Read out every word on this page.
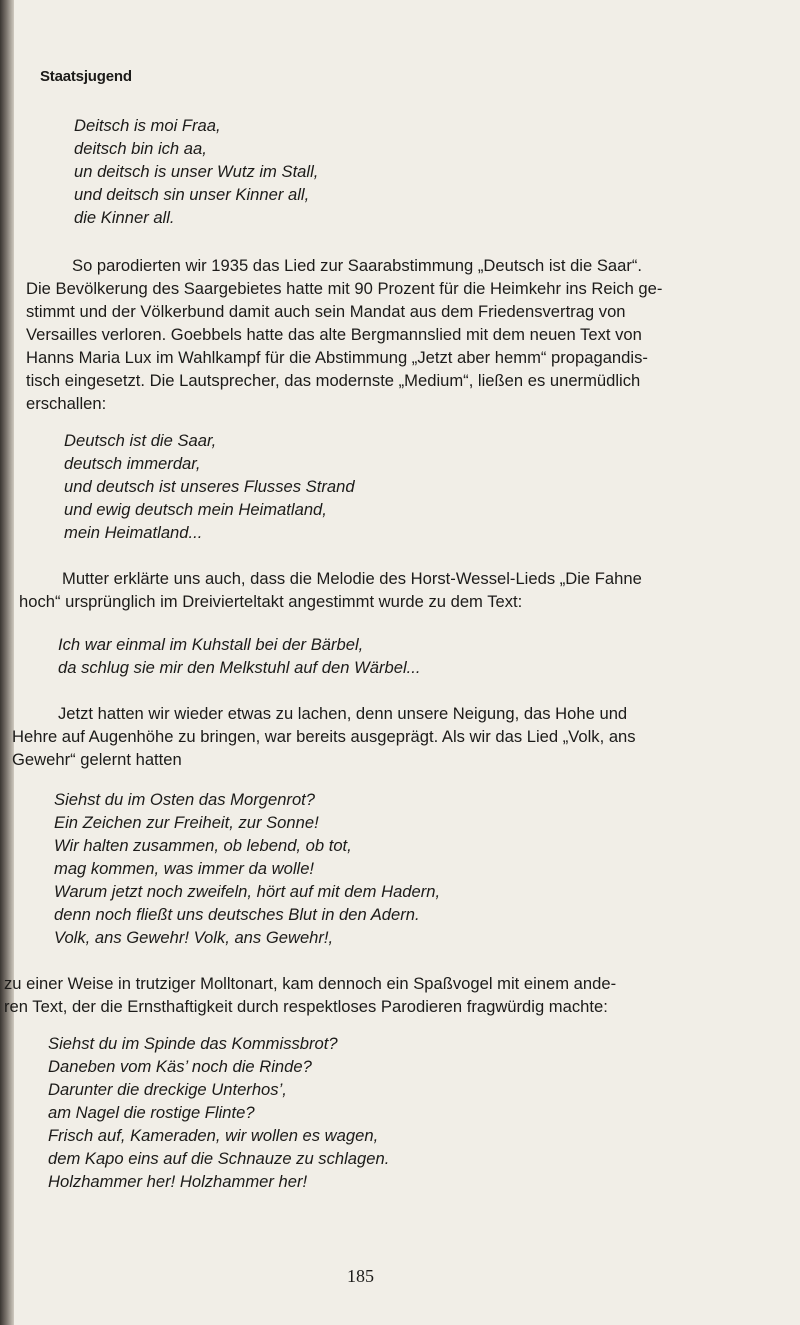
Staatsjugend
Deitsch is moi Fraa,
deitsch bin ich aa,
un deitsch is unser Wutz im Stall,
und deitsch sin unser Kinner all,
die Kinner all.
So parodierten wir 1935 das Lied zur Saarabstimmung „Deutsch ist die Saar“.
Die Bevölkerung des Saargebietes hatte mit 90 Prozent für die Heimkehr ins Reich ge-
stimmt und der Völkerbund damit auch sein Mandat aus dem Friedensvertrag von
Versailles verloren. Goebbels hatte das alte Bergmannslied mit dem neuen Text von
Hanns Maria Lux im Wahlkampf für die Abstimmung „Jetzt aber hemm“ propagandis-
tisch eingesetzt. Die Lautsprecher, das modernste „Medium“, ließen es unermüdlich
erschallen:
Deutsch ist die Saar,
deutsch immerdar,
und deutsch ist unseres Flusses Strand
und ewig deutsch mein Heimatland,
mein Heimatland...
Mutter erklärte uns auch, dass die Melodie des Horst-Wessel-Lieds „Die Fahne
hoch“ ursprünglich im Dreivierteltakt angestimmt wurde zu dem Text:
Ich war einmal im Kuhstall bei der Bärbel,
da schlug sie mir den Melkstuhl auf den Wärbel...
Jetzt hatten wir wieder etwas zu lachen, denn unsere Neigung, das Hohe und
Hehre auf Augenhöhe zu bringen, war bereits ausgeprägt. Als wir das Lied „Volk, ans
Gewehr“ gelernt hatten
Siehst du im Osten das Morgenrot?
Ein Zeichen zur Freiheit, zur Sonne!
Wir halten zusammen, ob lebend, ob tot,
mag kommen, was immer da wolle!
Warum jetzt noch zweifeln, hört auf mit dem Hadern,
denn noch fließt uns deutsches Blut in den Adern.
Volk, ans Gewehr! Volk, ans Gewehr!,
zu einer Weise in trutziger Molltonart, kam dennoch ein Spaßvogel mit einem ande-
ren Text, der die Ernsthaftigkeit durch respektloses Parodieren fragwürdig machte:
Siehst du im Spinde das Kommissbrot?
Daneben vom Käs’ noch die Rinde?
Darunter die dreckige Unterhos’,
am Nagel die rostige Flinte?
Frisch auf, Kameraden, wir wollen es wagen,
dem Kapo eins auf die Schnauze zu schlagen.
Holzhammer her! Holzhammer her!
185
